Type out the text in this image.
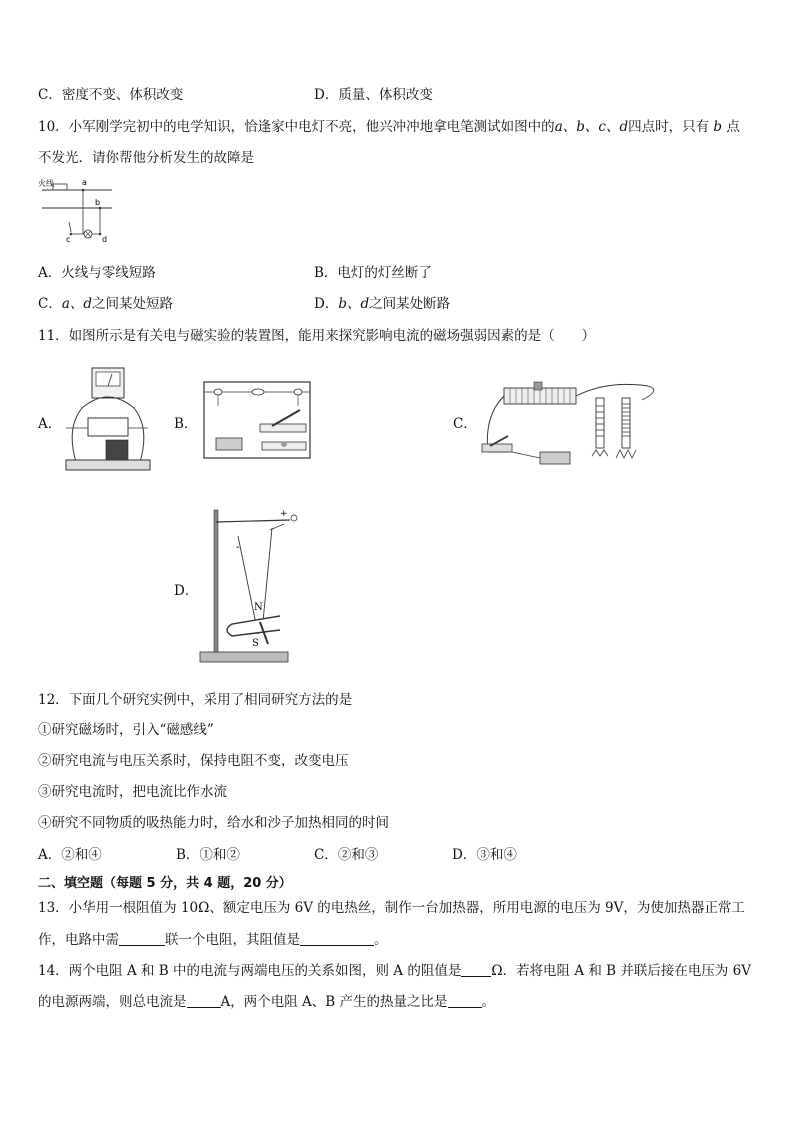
C．密度不变、体积改变	D．质量、体积改变
10．小军刚学完初中的电学知识，恰逢家中电灯不亮，他兴冲冲地拿电笔测试如图中的a、b、c、d四点时，只有 b 点
不发光．请你帮他分析发生的故障是
火线	a
b
c	d
A．火线与零线短路	B．电灯的灯丝断了
C．a、d之间某处短路	D．b、d之间某处断路
11．如图所示是有关电与磁实验的装置图，能用来探究影响电流的磁场强弱因素的是（　　）
A．	B．	C．
D．
+
-
N
S
12．下面几个研究实例中，采用了相同研究方法的是
①研究磁场时，引入“磁感线”
②研究电流与电压关系时，保持电阻不变，改变电压
③研究电流时，把电流比作水流
④研究不同物质的吸热能力时，给水和沙子加热相同的时间
A．②和④	B．①和②	C．②和③	D．③和④
二、填空题（每题 5 分，共 4 题，20 分）
13．小华用一根阻值为 10Ω、额定电压为 6V 的电热丝，制作一台加热器，所用电源的电压为 9V，为使加热器正常工
作，电路中需	联一个电阻，其阻值是	。
14．两个电阻 A 和 B 中的电流与两端电压的关系如图，则 A 的阻值是 Ω．若将电阻 A 和 B 并联后接在电压为 6V
的电源两端，则总电流是	A，两个电阻 A、B 产生的热量之比是	。
